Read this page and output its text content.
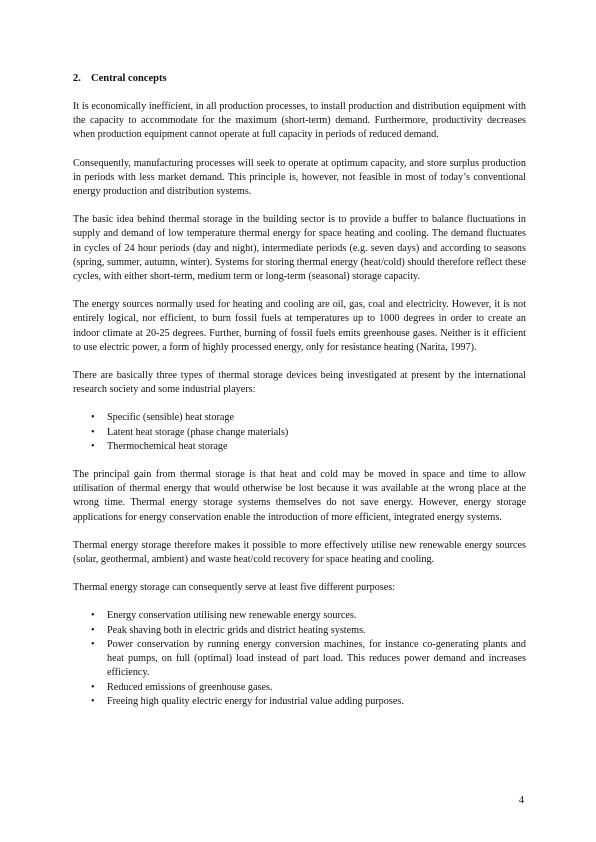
2. Central concepts

It is economically inefficient, in all production processes, to install production and distribution equipment with the capacity to accommodate for the maximum (short-term) demand. Furthermore, productivity decreases when production equipment cannot operate at full capacity in periods of reduced demand.

Consequently, manufacturing processes will seek to operate at optimum capacity, and store surplus production in periods with less market demand. This principle is, however, not feasible in most of today’s conventional energy production and distribution systems.

The basic idea behind thermal storage in the building sector is to provide a buffer to balance fluctuations in supply and demand of low temperature thermal energy for space heating and cooling. The demand fluctuates in cycles of 24 hour periods (day and night), intermediate periods (e.g. seven days) and according to seasons (spring, summer, autumn, winter). Systems for storing thermal energy (heat/cold) should therefore reflect these cycles, with either short-term, medium term or long-term (seasonal) storage capacity.

The energy sources normally used for heating and cooling are oil, gas, coal and electricity. However, it is not entirely logical, nor efficient, to burn fossil fuels at temperatures up to 1000 degrees in order to create an indoor climate at 20-25 degrees. Further, burning of fossil fuels emits greenhouse gases. Neither is it efficient to use electric power, a form of highly processed energy, only for resistance heating (Narita, 1997).

There are basically three types of thermal storage devices being investigated at present by the international research society and some industrial players:

• Specific (sensible) heat storage
• Latent heat storage (phase change materials)
• Thermochemical heat storage

The principal gain from thermal storage is that heat and cold may be moved in space and time to allow utilisation of thermal energy that would otherwise be lost because it was available at the wrong place at the wrong time. Thermal energy storage systems themselves do not save energy. However, energy storage applications for energy conservation enable the introduction of more efficient, integrated energy systems.

Thermal energy storage therefore makes it possible to more effectively utilise new renewable energy sources (solar, geothermal, ambient) and waste heat/cold recovery for space heating and cooling.

Thermal energy storage can consequently serve at least five different purposes:

• Energy conservation utilising new renewable energy sources.
• Peak shaving both in electric grids and district heating systems.
• Power conservation by running energy conversion machines, for instance co-generating plants and heat pumps, on full (optimal) load instead of part load. This reduces power demand and increases efficiency.
• Reduced emissions of greenhouse gases.
• Freeing high quality electric energy for industrial value adding purposes.
4
